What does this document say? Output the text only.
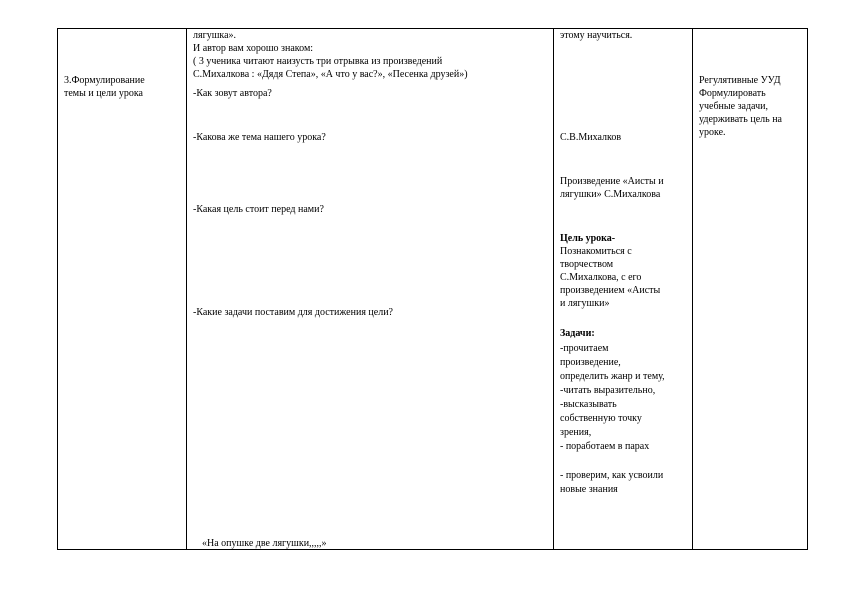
3.Формулирование
темы и цели урока

лягушка».
И автор вам хорошо знаком:
( 3 ученика читают наизусть три отрывка из произведений
С.Михалкова : «Дядя Степа», «А что у вас?», «Песенка друзей»)
-Как зовут автора?
-Какова же тема нашего урока?
-Какая цель стоит перед нами?
-Какие задачи поставим для достижения цели?
«На опушке две лягушки,,,,,»

этому научиться.
С.В.Михалков
Произведение «Аисты и
лягушки» С.Михалкова
Цель урока-
Познакомиться с
творчеством
С.Михалкова, с его
произведением «Аисты
и лягушки»
Задачи:
-прочитаем
произведение,
определить жанр и тему,
-читать выразительно,
-высказывать
собственную точку
зрения,
- поработаем в парах
- проверим, как усвоили
новые знания

Регулятивные УУД
Формулировать
учебные задачи,
удерживать цель на
уроке.
